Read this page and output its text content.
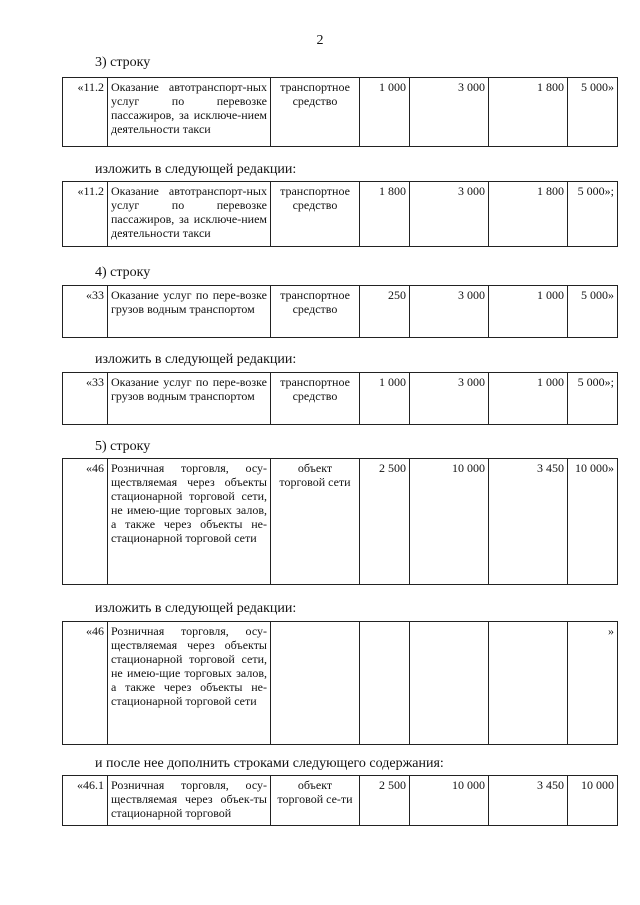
2
3) строку
«11.2	Оказание автотранспорт-ных услуг по перевозке пассажиров, за исключе-нием деятельности такси	транспортное средство	1 000	3 000	1 800	5 000»
изложить в следующей редакции:
«11.2	Оказание автотранспорт-ных услуг по перевозке пассажиров, за исключе-нием деятельности такси	транспортное средство	1 800	3 000	1 800	5 000»;
4) строку
«33	Оказание услуг по пере-возке грузов водным транспортом	транспортное средство	250	3 000	1 000	5 000»
изложить в следующей редакции:
«33	Оказание услуг по пере-возке грузов водным транспортом	транспортное средство	1 000	3 000	1 000	5 000»;
5) строку
«46	Розничная торговля, осу-ществляемая через объекты стационарной торговой сети, не имею-щие торговых залов, а также через объекты не-стационарной торговой сети	объект торговой сети	2 500	10 000	3 450	10 000»
изложить в следующей редакции:
«46	Розничная торговля, осу-ществляемая через объекты стационарной торговой сети, не имею-щие торговых залов, а также через объекты не-стационарной торговой сети					»
и после нее дополнить строками следующего содержания:
«46.1	Розничная торговля, осу-ществляемая через объек-ты стационарной торговой	объект торговой се-ти	2 500	10 000	3 450	10 000
